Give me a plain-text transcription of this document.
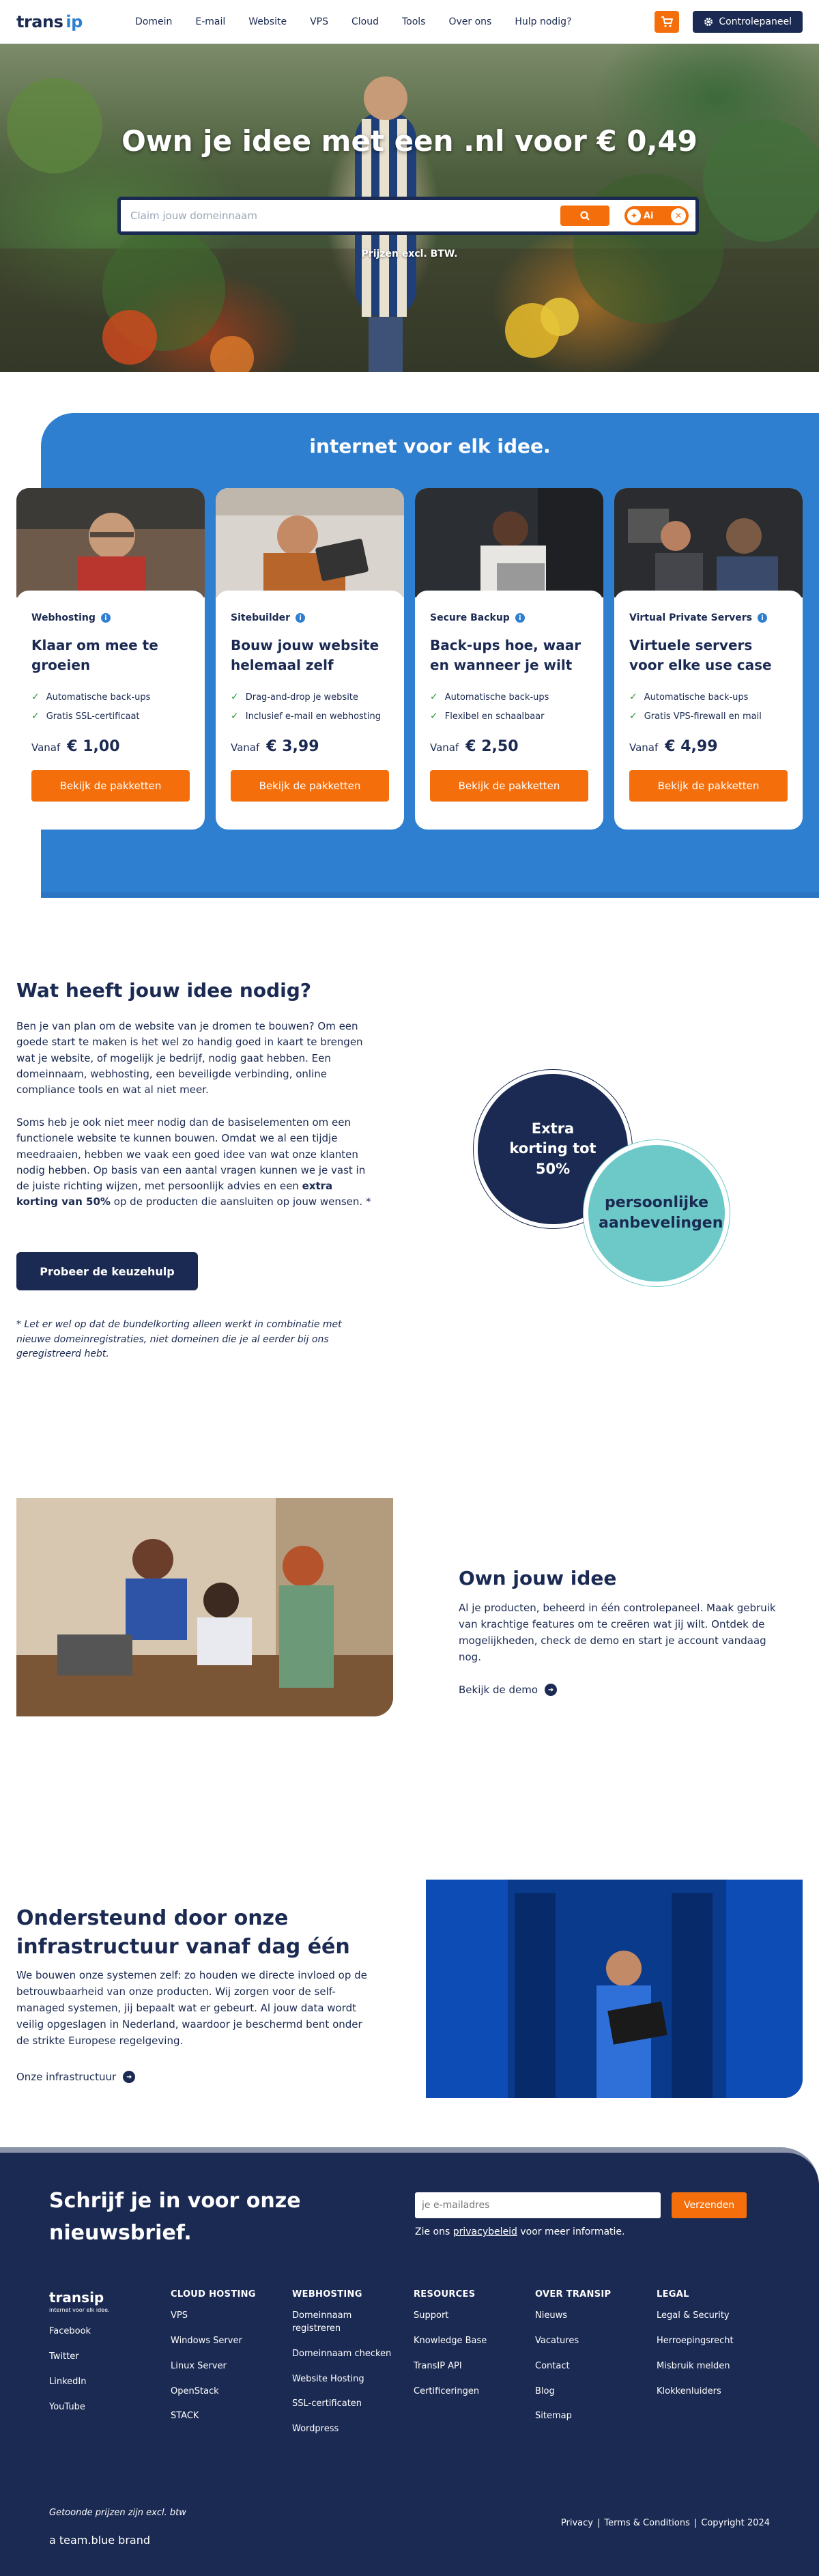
trans ip	Domein	E-mail	Website	VPS	Cloud	Tools	Over ons	Hulp nodig?	Controlepaneel
Own je idee met een .nl voor € 0,49
Claim jouw domeinnaam
✦ Ai	✕
Prijzen excl. BTW.
internet voor elk idee.
Webhosting	i
Klaar om mee te groeien
✓ Automatische back-ups
✓ Gratis SSL-certificaat
Vanaf € 1,00
Bekijk de pakketten
Sitebuilder	i
Bouw jouw website helemaal zelf
✓ Drag-and-drop je website
✓ Inclusief e-mail en webhosting
Vanaf € 3,99
Bekijk de pakketten
Secure Backup	i
Back-ups hoe, waar en wanneer je wilt
✓ Automatische back-ups
✓ Flexibel en schaalbaar
Vanaf € 2,50
Bekijk de pakketten
Virtual Private Servers	i
Virtuele servers voor elke use case
✓ Automatische back-ups
✓ Gratis VPS-firewall en mail
Vanaf € 4,99
Bekijk de pakketten
Wat heeft jouw idee nodig?

Ben je van plan om de website van je dromen te bouwen? Om een goede start te maken is het wel zo handig goed in kaart te brengen wat je website, of mogelijk je bedrijf, nodig gaat hebben. Een domeinnaam, webhosting, een beveiligde verbinding, online compliance tools en wat al niet meer.

Soms heb je ook niet meer nodig dan de basiselementen om een functionele website te kunnen bouwen. Omdat we al een tijdje meedraaien, hebben we vaak een goed idee van wat onze klanten nodig hebben. Op basis van een aantal vragen kunnen we je vast in de juiste richting wijzen, met persoonlijk advies en een extra korting van 50% op de producten die aansluiten op jouw wensen. *

Probeer de keuzehulp

* Let er wel op dat de bundelkorting alleen werkt in combinatie met nieuwe domeinregistraties, niet domeinen die je al eerder bij ons geregistreerd hebt.

Extra korting tot 50%
persoonlijke aanbevelingen
Own jouw idee

Al je producten, beheerd in één controlepaneel. Maak gebruik van krachtige features om te creëren wat jij wilt. Ontdek de mogelijkheden, check de demo en start je account vandaag nog.

Bekijk de demo	➜
Ondersteund door onze infrastructuur vanaf dag één

We bouwen onze systemen zelf: zo houden we directe invloed op de betrouwbaarheid van onze producten. Wij zorgen voor de self-managed systemen, jij bepaalt wat er gebeurt. Al jouw data wordt veilig opgeslagen in Nederland, waardoor je beschermd bent onder de strikte Europese regelgeving.

Onze infrastructuur	➜
Schrijf je in voor onze nieuwsbrief.
je e-mailadres
Verzenden
Zie ons privacybeleid voor meer informatie.
transip
internet voor elk idee.
Facebook
Twitter
LinkedIn
YouTube
CLOUD HOSTING
VPS
Windows Server
Linux Server
OpenStack
STACK
WEBHOSTING
Domeinnaam registreren
Domeinnaam checken
Website Hosting
SSL-certificaten
Wordpress
RESOURCES
Support
Knowledge Base
TransIP API
Certificeringen
OVER TRANSIP
Nieuws
Vacatures
Contact
Blog
Sitemap
LEGAL
Legal & Security
Herroepingsrecht
Misbruik melden
Klokkenluiders
Getoonde prijzen zijn excl. btw
a team.blue brand
Privacy | Terms & Conditions | Copyright 2024
